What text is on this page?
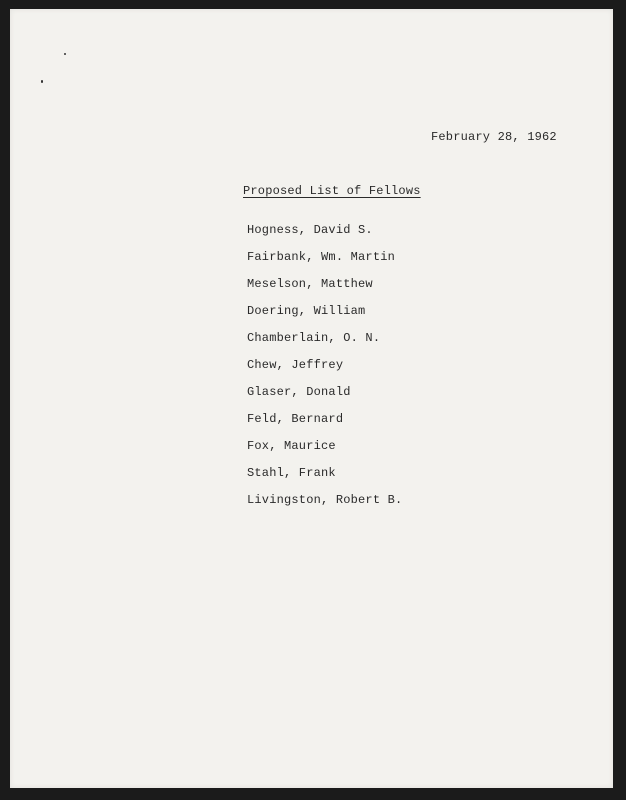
February 28, 1962
Proposed List of Fellows
Hogness, David S.
Fairbank, Wm. Martin
Meselson, Matthew
Doering, William
Chamberlain, O. N.
Chew, Jeffrey
Glaser, Donald
Feld, Bernard
Fox, Maurice
Stahl, Frank
Livingston, Robert B.
